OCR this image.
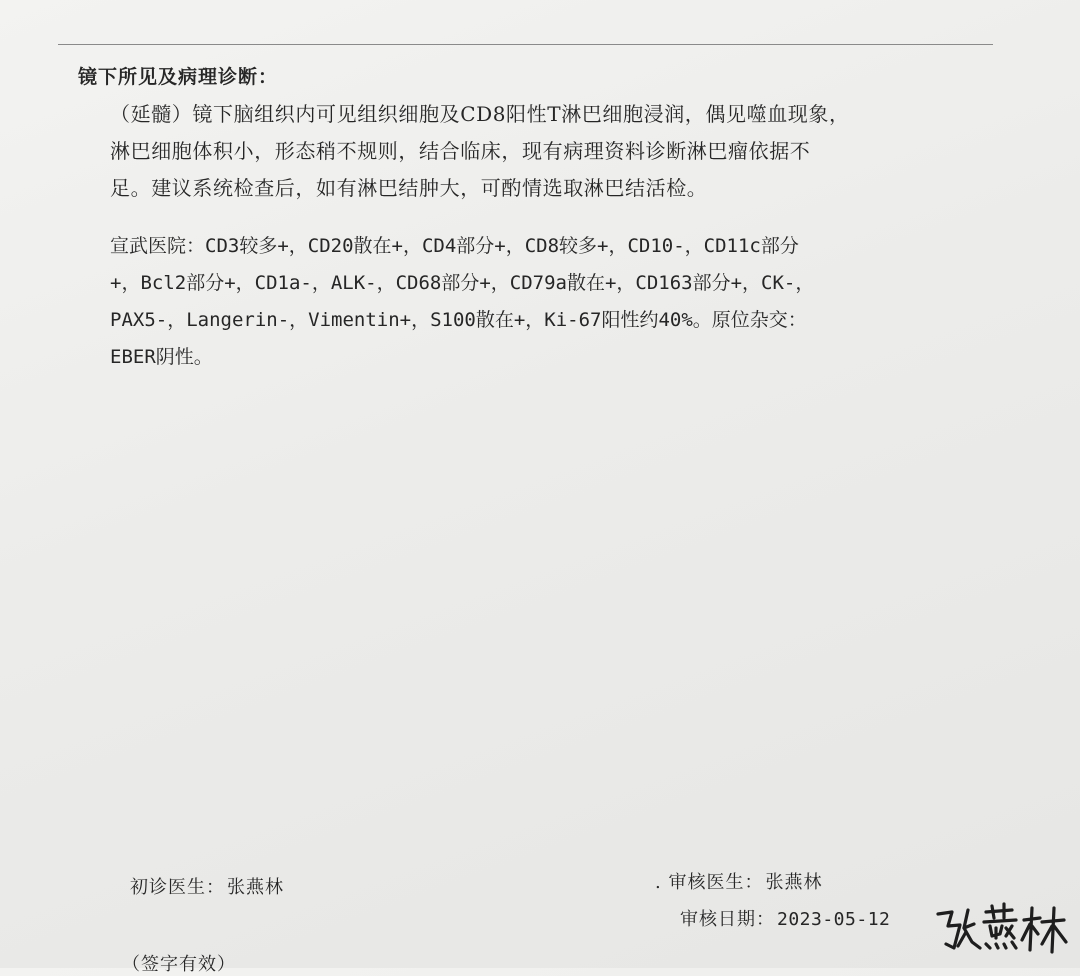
镜下所见及病理诊断：

（延髓）镜下脑组织内可见组织细胞及CD8阳性T淋巴细胞浸润，偶见噬血现象，

淋巴细胞体积小，形态稍不规则，结合临床，现有病理资料诊断淋巴瘤依据不

足。建议系统检查后，如有淋巴结肿大，可酌情选取淋巴结活检。

宣武医院：CD3较多+，CD20散在+，CD4部分+，CD8较多+，CD10-，CD11c部分

+，Bcl2部分+，CD1a-，ALK-，CD68部分+，CD79a散在+，CD163部分+，CK-，

PAX5-，Langerin-，Vimentin+，S100散在+，Ki-67阳性约40%。原位杂交：

EBER阴性。

初诊医生： 张燕林	. 审核医生： 张燕林
审核日期： 2023-05-12
（签字有效）
